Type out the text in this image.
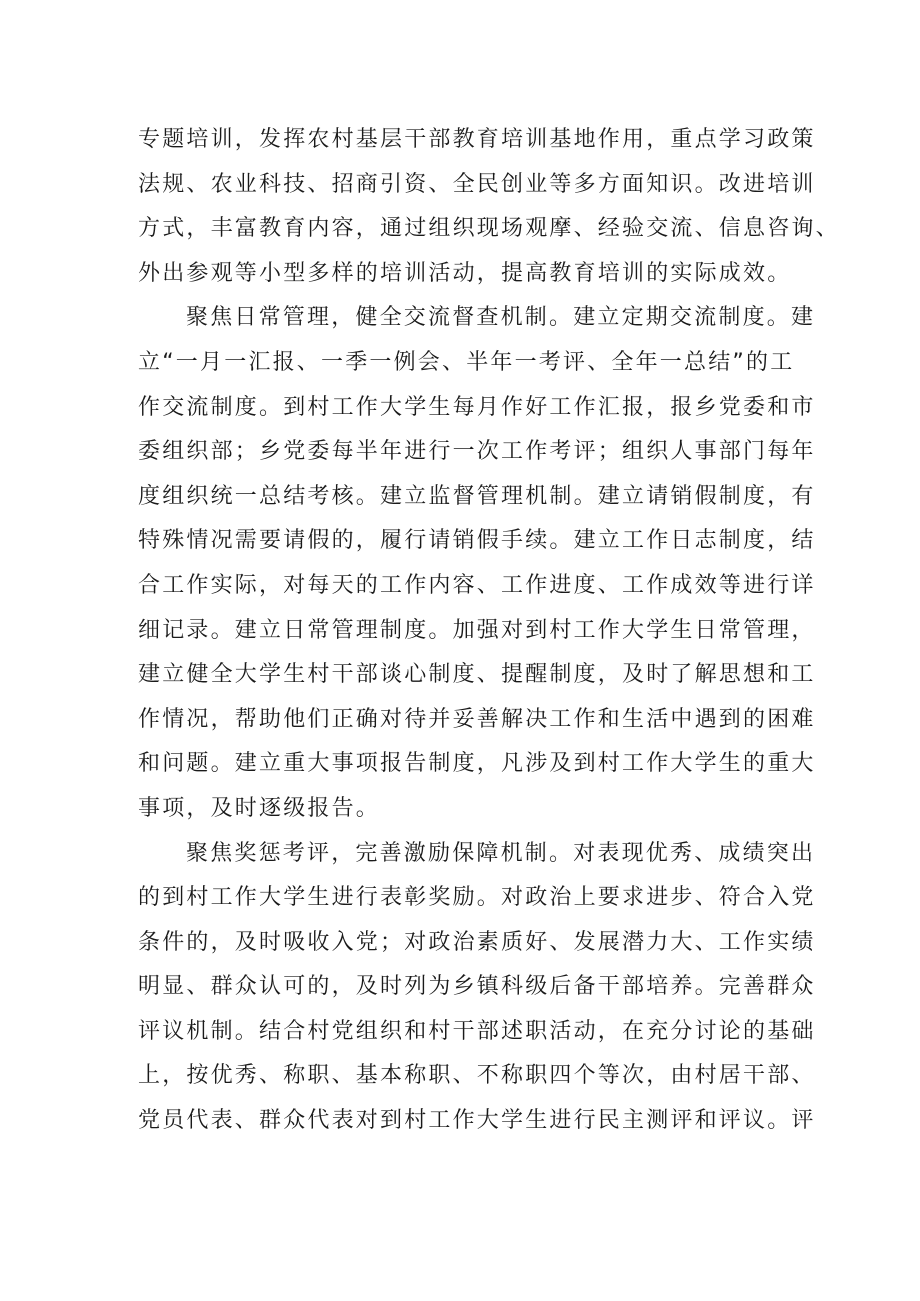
专题培训，发挥农村基层干部教育培训基地作用，重点学习政策
法规、农业科技、招商引资、全民创业等多方面知识。改进培训
方式，丰富教育内容，通过组织现场观摩、经验交流、信息咨询、
外出参观等小型多样的培训活动，提高教育培训的实际成效。
聚焦日常管理，健全交流督查机制。建立定期交流制度。建
立“一月一汇报、一季一例会、半年一考评、全年一总结”的工
作交流制度。到村工作大学生每月作好工作汇报，报乡党委和市
委组织部；乡党委每半年进行一次工作考评；组织人事部门每年
度组织统一总结考核。建立监督管理机制。建立请销假制度，有
特殊情况需要请假的，履行请销假手续。建立工作日志制度，结
合工作实际，对每天的工作内容、工作进度、工作成效等进行详
细记录。建立日常管理制度。加强对到村工作大学生日常管理，
建立健全大学生村干部谈心制度、提醒制度，及时了解思想和工
作情况，帮助他们正确对待并妥善解决工作和生活中遇到的困难
和问题。建立重大事项报告制度，凡涉及到村工作大学生的重大
事项，及时逐级报告。
聚焦奖惩考评，完善激励保障机制。对表现优秀、成绩突出
的到村工作大学生进行表彰奖励。对政治上要求进步、符合入党
条件的，及时吸收入党；对政治素质好、发展潜力大、工作实绩
明显、群众认可的，及时列为乡镇科级后备干部培养。完善群众
评议机制。结合村党组织和村干部述职活动，在充分讨论的基础
上，按优秀、称职、基本称职、不称职四个等次，由村居干部、
党员代表、群众代表对到村工作大学生进行民主测评和评议。评
